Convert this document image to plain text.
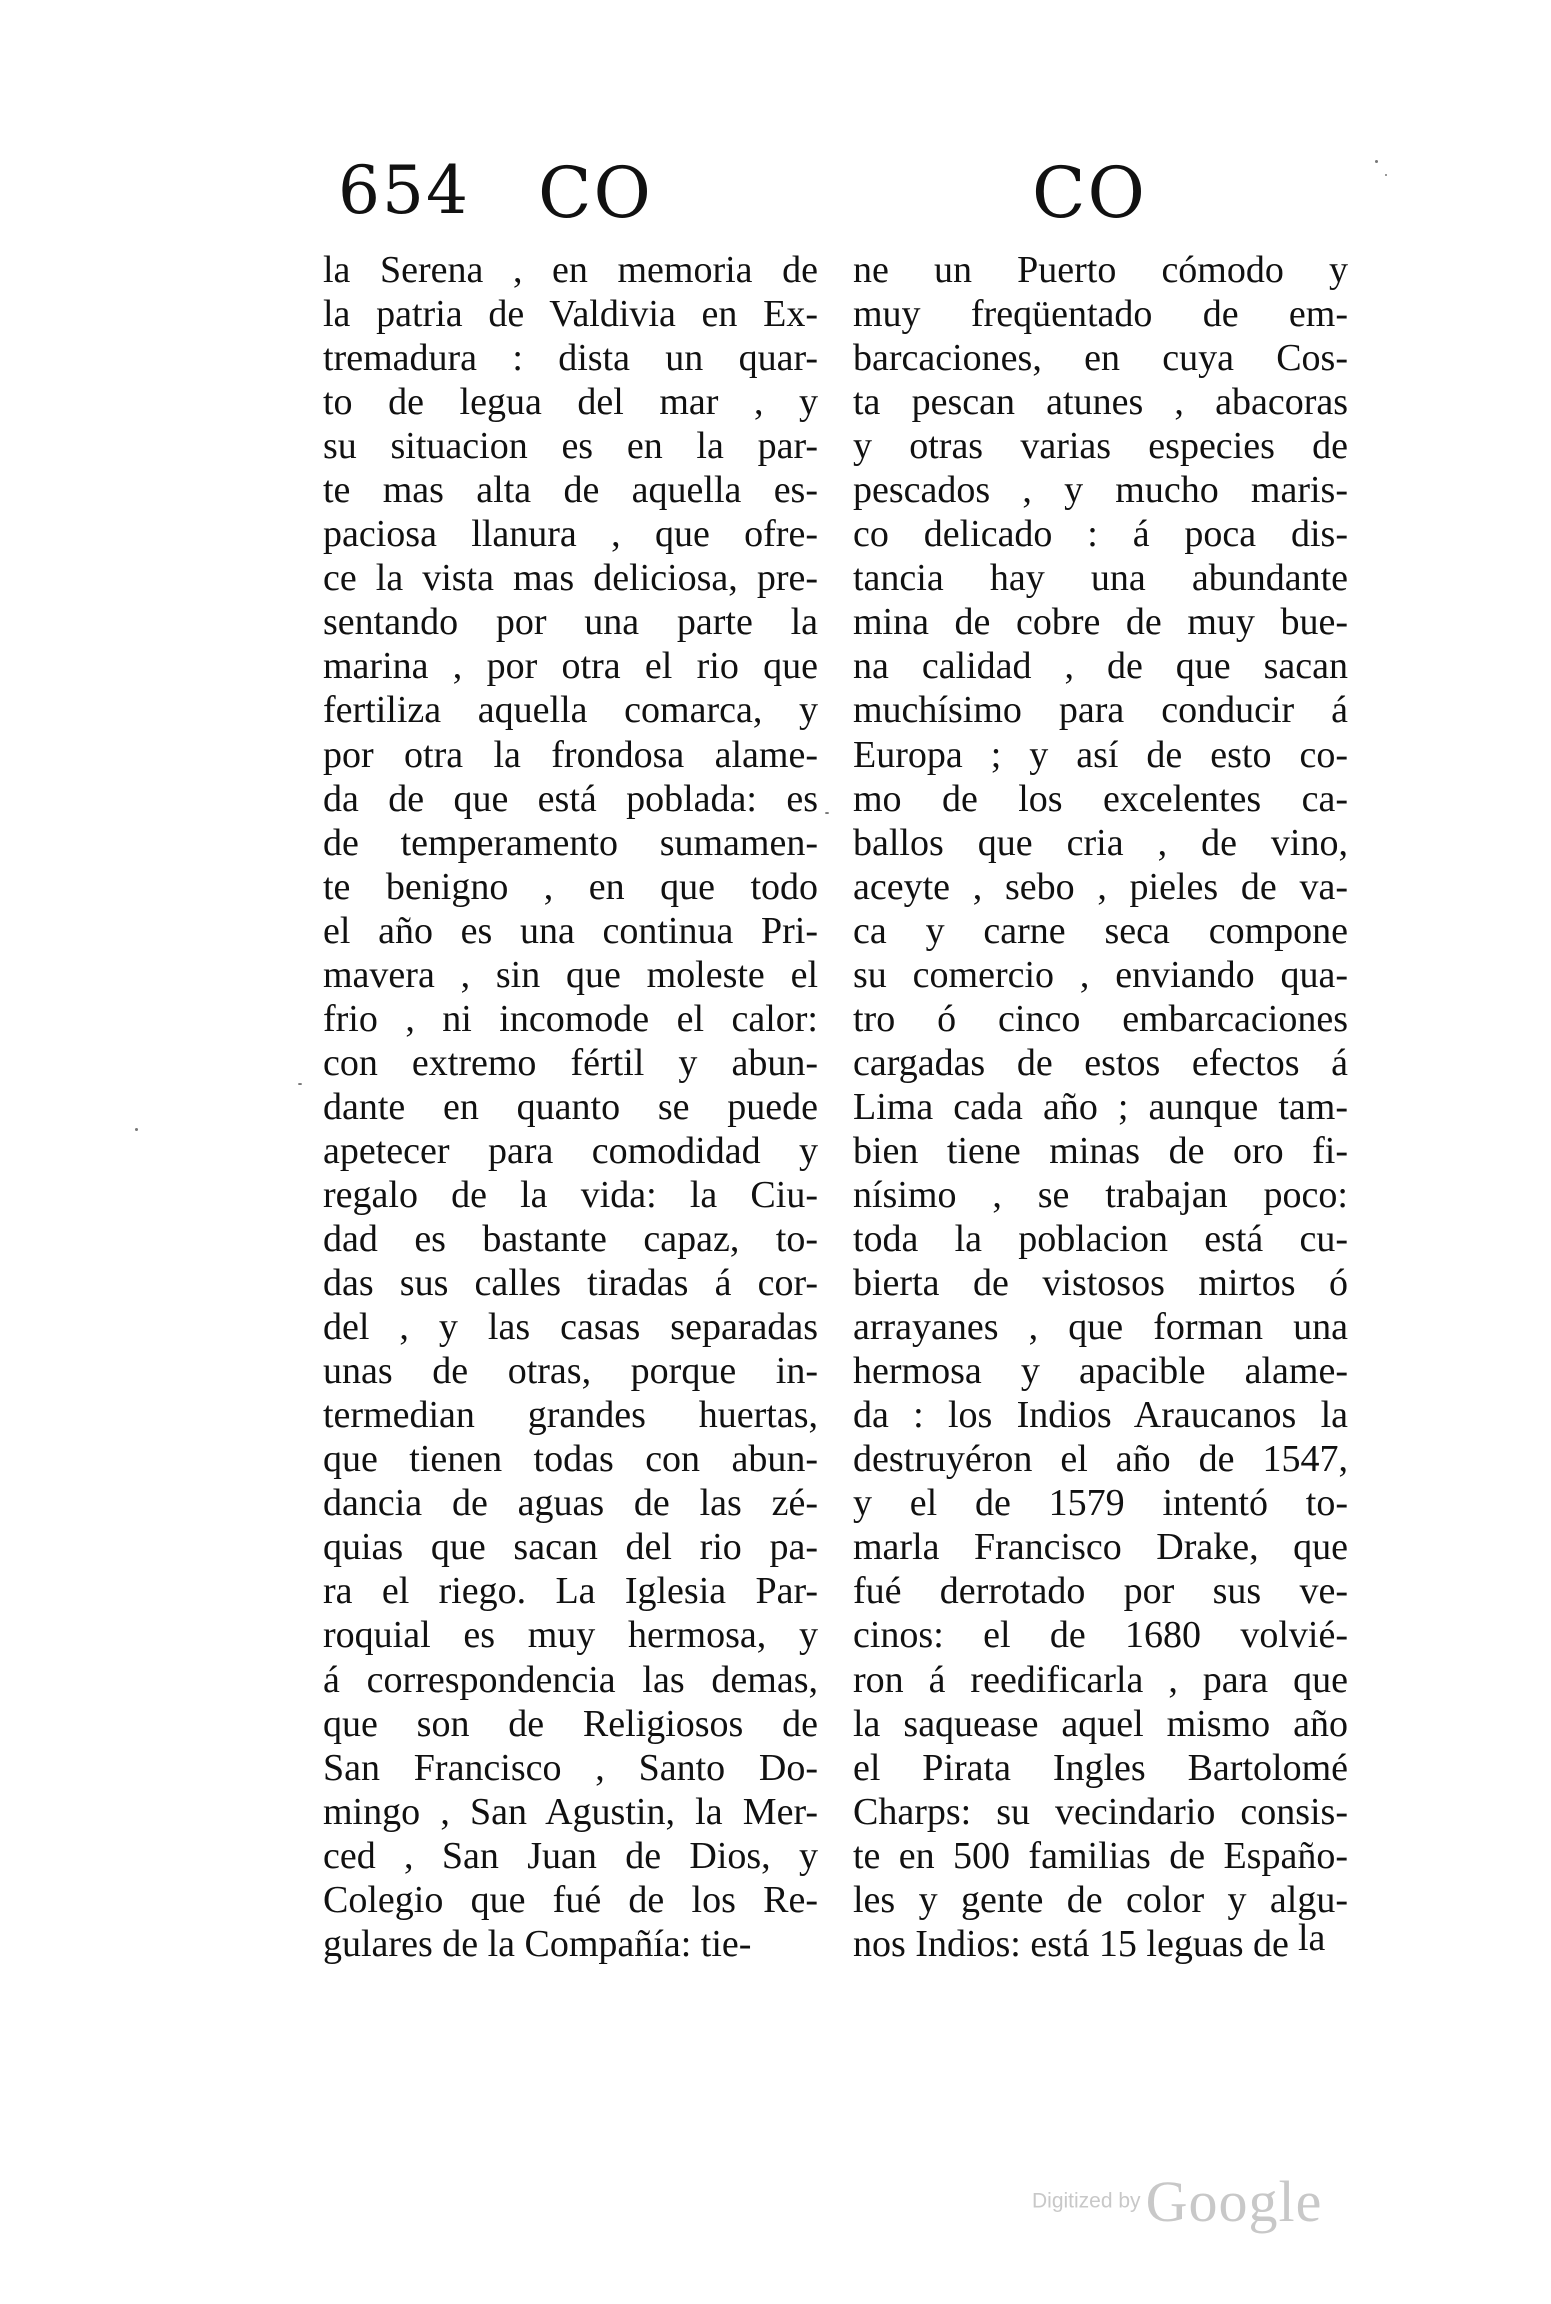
654 CO	CO
la Serena , en memoria de
la patria de Valdivia en Ex-
tremadura : dista un quar-
to de legua del mar , y
su situacion es en la par-
te mas alta de aquella es-
paciosa llanura , que ofre-
ce la vista mas deliciosa, pre-
sentando por una parte la
marina , por otra el rio que
fertiliza aquella comarca, y
por otra la frondosa alame-
da de que está poblada: es
de temperamento sumamen-
te benigno , en que todo
el año es una continua Pri-
mavera , sin que moleste el
frio , ni incomode el calor:
con extremo fértil y abun-
dante en quanto se puede
apetecer para comodidad y
regalo de la vida: la Ciu-
dad es bastante capaz, to-
das sus calles tiradas á cor-
del , y las casas separadas
unas de otras, porque in-
termedian grandes huertas,
que tienen todas con abun-
dancia de aguas de las zé-
quias que sacan del rio pa-
ra el riego. La Iglesia Par-
roquial es muy hermosa, y
á correspondencia las demas,
que son de Religiosos de
San Francisco , Santo Do-
mingo , San Agustin, la Mer-
ced , San Juan de Dios, y
Colegio que fué de los Re-
gulares de la Compañía: tie-
ne un Puerto cómodo y
muy freqüentado de em-
barcaciones, en cuya Cos-
ta pescan atunes , abacoras
y otras varias especies de
pescados , y mucho maris-
co delicado : á poca dis-
tancia hay una abundante
mina de cobre de muy bue-
na calidad , de que sacan
muchísimo para conducir á
Europa ; y así de esto co-
mo de los excelentes ca-
ballos que cria , de vino,
aceyte , sebo , pieles de va-
ca y carne seca compone
su comercio , enviando qua-
tro ó cinco embarcaciones
cargadas de estos efectos á
Lima cada año ; aunque tam-
bien tiene minas de oro fi-
nísimo , se trabajan poco:
toda la poblacion está cu-
bierta de vistosos mirtos ó
arrayanes , que forman una
hermosa y apacible alame-
da : los Indios Araucanos la
destruyéron el año de 1547,
y el de 1579 intentó to-
marla Francisco Drake, que
fué derrotado por sus ve-
cinos: el de 1680 volvié-
ron á reedificarla , para que
la saquease aquel mismo año
el Pirata Ingles Bartolomé
Charps: su vecindario consis-
te en 500 familias de Españo-
les y gente de color y algu-
nos Indios: está 15 leguas de la
Digitized by Google
